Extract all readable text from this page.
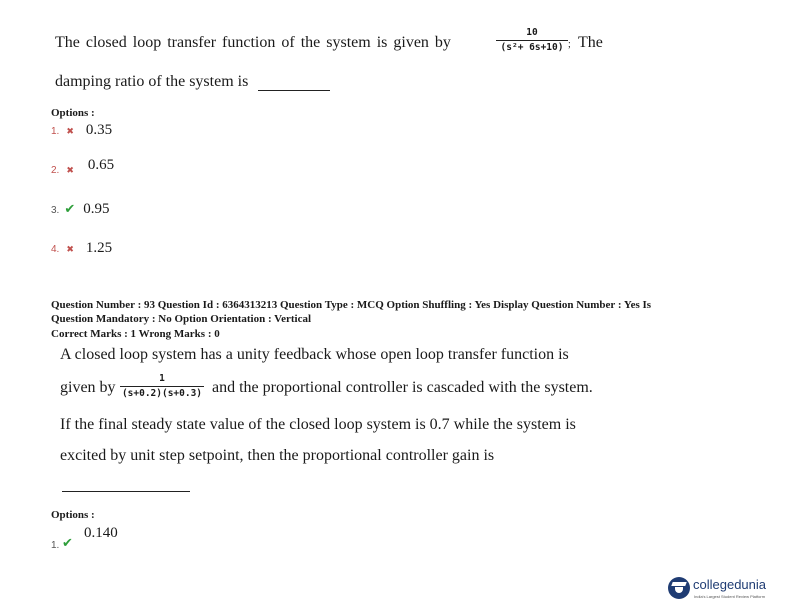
The closed loop transfer function of the system is given by
10
(s²+ 6s+10) ; The
damping ratio of the system is
Options :
1. ✖ 0.35
2. ✖ 0.65
3. ✔ 0.95
4. ✖ 1.25
Question Number : 93 Question Id : 6364313213 Question Type : MCQ Option Shuffling : Yes Display Question Number : Yes Is
Question Mandatory : No Option Orientation : Vertical
Correct Marks : 1 Wrong Marks : 0
A closed loop system has a unity feedback whose open loop transfer function is
given by
1
(s+0.2)(s+0.3) and the proportional controller is cascaded with the system.
If the final steady state value of the closed loop system is 0.7 while the system is
excited by unit step setpoint, then the proportional controller gain is
Options :
1. ✔
0.140
collegedunia
India's Largest Student Review Platform
